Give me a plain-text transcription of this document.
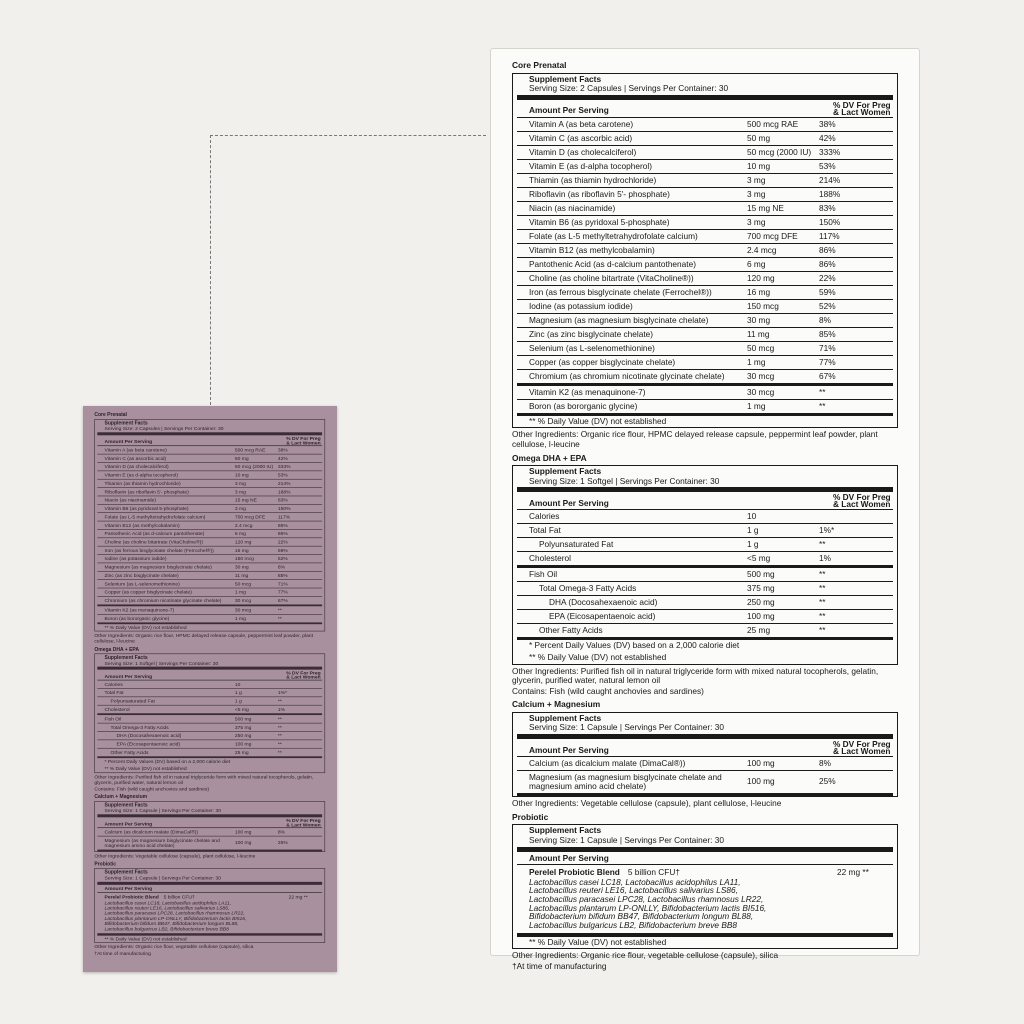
Core Prenatal
Supplement Facts
Serving Size: 2 Capsules | Servings Per Container: 30
Amount Per Serving
% DV For Preg & Lact Women
Vitamin A (as beta carotene)	500 mcg RAE	38%
Vitamin C (as ascorbic acid)	50 mg	42%
Vitamin D (as cholecalciferol)	50 mcg (2000 IU) 333%
Vitamin E (as d-alpha tocopherol)	10 mg	53%
Thiamin (as thiamin hydrochloride)	3 mg	214%
Riboflavin (as riboflavin 5'- phosphate)	3 mg	188%
Niacin (as niacinamide)	15 mg NE	83%
Vitamin B6 (as pyridoxal 5-phosphate)	3 mg	150%
Folate (as L-5 methyltetrahydrofolate calcium)	700 mcg DFE	117%
Vitamin B12 (as methylcobalamin)	2.4 mcg	86%
Pantothenic Acid (as d-calcium pantothenate)	6 mg	86%
Choline (as choline bitartrate (VitaCholine®))	120 mg	22%
Iron (as ferrous bisglycinate chelate (Ferrochel®))	16 mg	59%
Iodine (as potassium iodide)	150 mcg	52%
Magnesium (as magnesium bisglycinate chelate)	30 mg	8%
Zinc (as zinc bisglycinate chelate)	11 mg	85%
Selenium (as L-selenomethionine)	50 mcg	71%
Copper (as copper bisglycinate chelate)	1 mg	77%
Chromium (as chromium nicotinate glycinate chelate)	30 mcg	67%
Vitamin K2 (as menaquinone-7)	30 mcg	**
Boron (as bororganic glycine)	1 mg	**
** % Daily Value (DV) not established
Other Ingredients: Organic rice flour, HPMC delayed release capsule, peppermint leaf powder, plant cellulose, l-leucine
Omega DHA + EPA
Supplement Facts
Serving Size: 1 Softgel | Servings Per Container: 30
Amount Per Serving
% DV For Preg & Lact Women
Calories	10
Total Fat	1 g	1%*
Polyunsaturated Fat	1 g	**
Cholesterol	<5 mg	1%
Fish Oil	500 mg	**
Total Omega-3 Fatty Acids	375 mg	**
DHA (Docosahexaenoic acid)	250 mg	**
EPA (Eicosapentaenoic acid)	100 mg	**
Other Fatty Acids	25 mg	**
* Percent Daily Values (DV) based on a 2,000 calorie diet
** % Daily Value (DV) not established
Other Ingredients: Purified fish oil in natural triglyceride form with mixed natural tocopherols, gelatin, glycerin, purified water, natural lemon oil
Contains: Fish (wild caught anchovies and sardines)
Calcium + Magnesium
Supplement Facts
Serving Size: 1 Capsule | Servings Per Container: 30
Amount Per Serving
% DV For Preg & Lact Women
Calcium (as dicalcium malate (DimaCal®))	100 mg	8%
Magnesium (as magnesium bisglycinate chelate and magnesium amino acid chelate)	100 mg	25%
Other Ingredients: Vegetable cellulose (capsule), plant cellulose, l-leucine
Probiotic
Supplement Facts
Serving Size: 1 Capsule | Servings Per Container: 30
Amount Per Serving
Perelel Probiotic Blend 5 billion CFU†	22 mg **
Lactobacillus casei LC18, Lactobacillus acidophilus LA11,
Lactobacillus reuteri LE16, Lactobacillus salivarius LS86,
Lactobacillus paracasei LPC28, Lactobacillus rhamnosus LR22,
Lactobacillus plantarum LP-ONLLY, Bifidobacterium lactis BI516,
Bifidobacterium bifidum BB47, Bifidobacterium longum BL88,
Lactobacillus bulgaricus LB2, Bifidobacterium breve BB8
** % Daily Value (DV) not established
Other Ingredients: Organic rice flour, vegetable cellulose (capsule), silica
†At time of manufacturing
Core Prenatal
Supplement Facts
Serving Size: 2 Capsules | Servings Per Container: 30
Amount Per Serving
% DV For Preg & Lact Women
Vitamin A (as beta carotene)	500 mcg RAE	38%
Vitamin C (as ascorbic acid)	50 mg	42%
Vitamin D (as cholecalciferol)	50 mcg (2000 IU) 333%
Vitamin E (as d-alpha tocopherol)	10 mg	53%
Thiamin (as thiamin hydrochloride)	3 mg	214%
Riboflavin (as riboflavin 5'- phosphate)	3 mg	188%
Niacin (as niacinamide)	15 mg NE	83%
Vitamin B6 (as pyridoxal 5-phosphate)	3 mg	150%
Folate (as L-5 methyltetrahydrofolate calcium)	700 mcg DFE	117%
Vitamin B12 (as methylcobalamin)	2.4 mcg	86%
Pantothenic Acid (as d-calcium pantothenate)	6 mg	86%
Choline (as choline bitartrate (VitaCholine®))	120 mg	22%
Iron (as ferrous bisglycinate chelate (Ferrochel®))	16 mg	59%
Iodine (as potassium iodide)	150 mcg	52%
Magnesium (as magnesium bisglycinate chelate)	30 mg	8%
Zinc (as zinc bisglycinate chelate)	11 mg	85%
Selenium (as L-selenomethionine)	50 mcg	71%
Copper (as copper bisglycinate chelate)	1 mg	77%
Chromium (as chromium nicotinate glycinate chelate)	30 mcg	67%
Vitamin K2 (as menaquinone-7)	30 mcg	**
Boron (as bororganic glycine)	1 mg	**
** % Daily Value (DV) not established
Other Ingredients: Organic rice flour, HPMC delayed release capsule, peppermint leaf powder, plant cellulose, l-leucine
Omega DHA + EPA
Supplement Facts
Serving Size: 1 Softgel | Servings Per Container: 30
Amount Per Serving
% DV For Preg & Lact Women
Calories	10
Total Fat	1 g	1%*
Polyunsaturated Fat	1 g	**
Cholesterol	<5 mg	1%
Fish Oil	500 mg	**
Total Omega-3 Fatty Acids	375 mg	**
DHA (Docosahexaenoic acid)	250 mg	**
EPA (Eicosapentaenoic acid)	100 mg	**
Other Fatty Acids	25 mg	**
* Percent Daily Values (DV) based on a 2,000 calorie diet
** % Daily Value (DV) not established
Other Ingredients: Purified fish oil in natural triglyceride form with mixed natural tocopherols, gelatin, glycerin, purified water, natural lemon oil
Contains: Fish (wild caught anchovies and sardines)
Calcium + Magnesium
Supplement Facts
Serving Size: 1 Capsule | Servings Per Container: 30
Amount Per Serving
% DV For Preg & Lact Women
Calcium (as dicalcium malate (DimaCal®))	100 mg	8%
Magnesium (as magnesium bisglycinate chelate and magnesium amino acid chelate)	100 mg	25%
Other Ingredients: Vegetable cellulose (capsule), plant cellulose, l-leucine
Probiotic
Supplement Facts
Serving Size: 1 Capsule | Servings Per Container: 30
Amount Per Serving
Perelel Probiotic Blend 5 billion CFU†	22 mg **
Lactobacillus casei LC18, Lactobacillus acidophilus LA11,
Lactobacillus reuteri LE16, Lactobacillus salivarius LS86,
Lactobacillus paracasei LPC28, Lactobacillus rhamnosus LR22,
Lactobacillus plantarum LP-ONLLY, Bifidobacterium lactis BI516,
Bifidobacterium bifidum BB47, Bifidobacterium longum BL88,
Lactobacillus bulgaricus LB2, Bifidobacterium breve BB8
** % Daily Value (DV) not established
Other Ingredients: Organic rice flour, vegetable cellulose (capsule), silica
†At time of manufacturing
